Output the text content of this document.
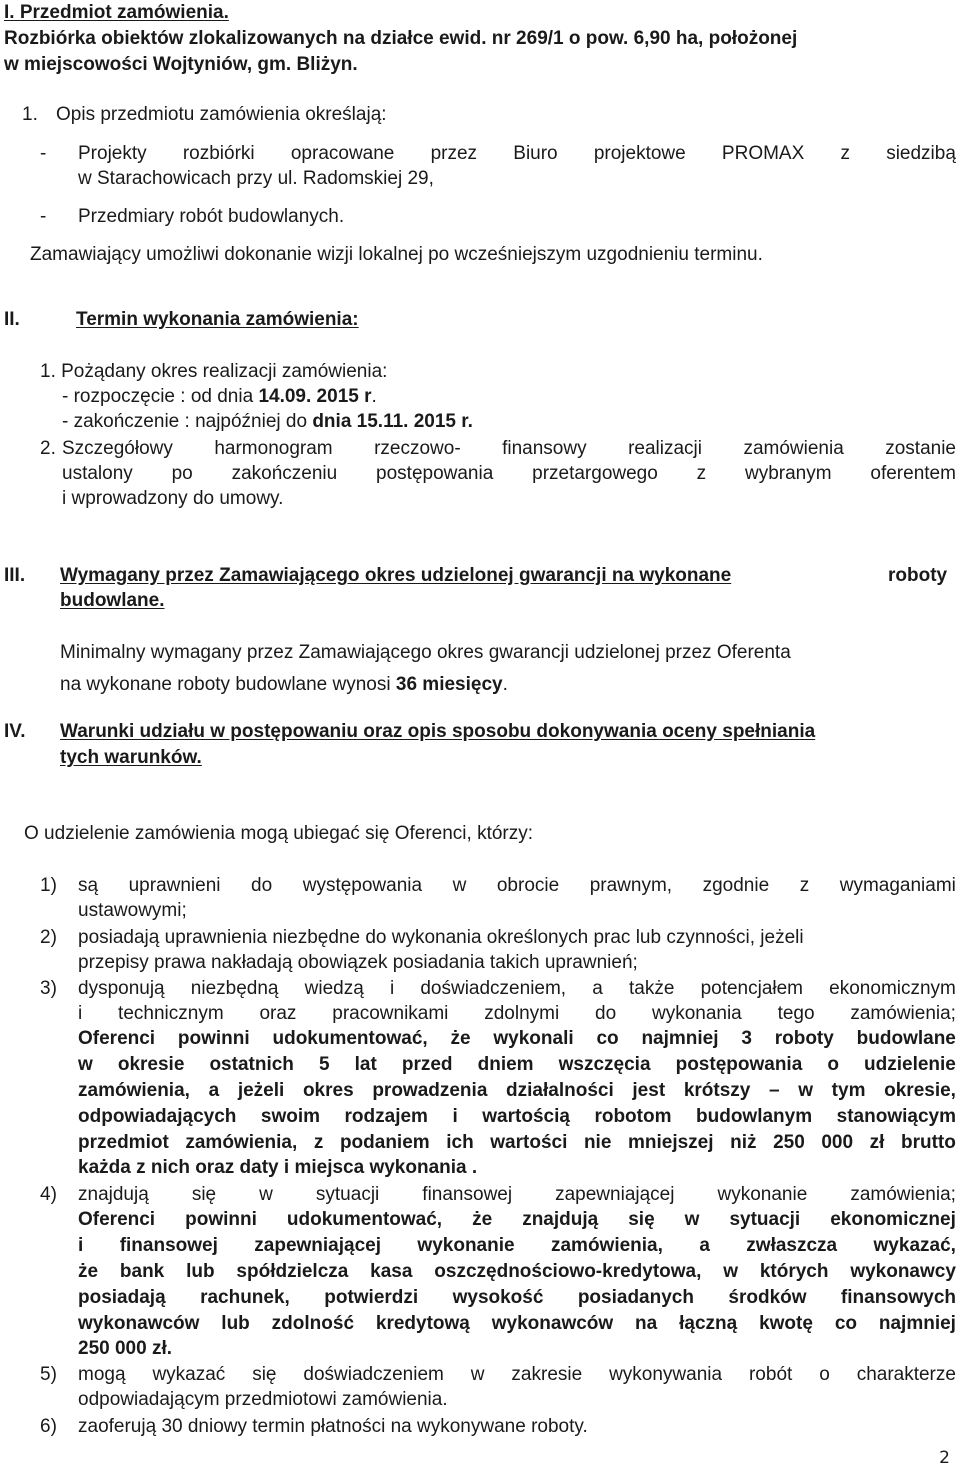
I. Przedmiot zamówienia.
Rozbiórka obiektów zlokalizowanych na działce ewid. nr 269/1 o pow. 6,90 ha, położonej
w miejscowości Wojtyniów, gm. Bliżyn.
1. Opis przedmiotu zamówienia określają:
- Projekty rozbiórki opracowane przez Biuro projektowe PROMAX z siedzibą
w Starachowicach przy ul. Radomskiej 29,
- Przedmiary robót budowlanych.
Zamawiający umożliwi dokonanie wizji lokalnej po wcześniejszym uzgodnieniu terminu.
II.	Termin wykonania zamówienia:
1. Pożądany okres realizacji zamówienia:
- rozpoczęcie : od dnia 14.09. 2015 r.
- zakończenie : najpóźniej do dnia 15.11. 2015 r.
2. Szczegółowy harmonogram rzeczowo- finansowy realizacji zamówienia zostanie
ustalony po zakończeniu postępowania przetargowego z wybranym oferentem
i wprowadzony do umowy.
III. Wymagany przez Zamawiającego okres udzielonej gwarancji na wykonane	roboty
budowlane.
Minimalny wymagany przez Zamawiającego okres gwarancji udzielonej przez Oferenta
na wykonane roboty budowlane wynosi 36 miesięcy.
IV. Warunki udziału w postępowaniu oraz opis sposobu dokonywania oceny spełniania
tych warunków.
O udzielenie zamówienia mogą ubiegać się Oferenci, którzy:
1) są uprawnieni do występowania w obrocie prawnym, zgodnie z wymaganiami
ustawowymi;
2) posiadają uprawnienia niezbędne do wykonania określonych prac lub czynności, jeżeli
przepisy prawa nakładają obowiązek posiadania takich uprawnień;
3) dysponują niezbędną wiedzą i doświadczeniem, a także potencjałem ekonomicznym
i technicznym oraz pracownikami zdolnymi do wykonania tego zamówienia;
każda z nich oraz daty i miejsca wykonania .
4) znajdują się w sytuacji finansowej zapewniającej wykonanie zamówienia;
250 000 zł.
5) mogą wykazać się doświadczeniem w zakresie wykonywania robót o charakterze
odpowiadającym przedmiotowi zamówienia.
6) zaoferują 30 dniowy termin płatności na wykonywane roboty.
2
Oferenci powinni udokumentować, że wykonali co najmniej 3 roboty budowlane
w okresie ostatnich 5 lat przed dniem wszczęcia postępowania o udzielenie
zamówienia, a jeżeli okres prowadzenia działalności jest krótszy – w tym okresie,
odpowiadających swoim rodzajem i wartością robotom budowlanym stanowiącym
przedmiot zamówienia, z podaniem ich wartości nie mniejszej niż 250 000 zł brutto
Oferenci powinni udokumentować, że znajdują się w sytuacji ekonomicznej
i finansowej zapewniającej wykonanie zamówienia, a zwłaszcza wykazać,
że bank lub spółdzielcza kasa oszczędnościowo-kredytowa, w których wykonawcy
posiadają rachunek, potwierdzi wysokość posiadanych środków finansowych
wykonawców lub zdolność kredytową wykonawców na łączną kwotę co najmniej
